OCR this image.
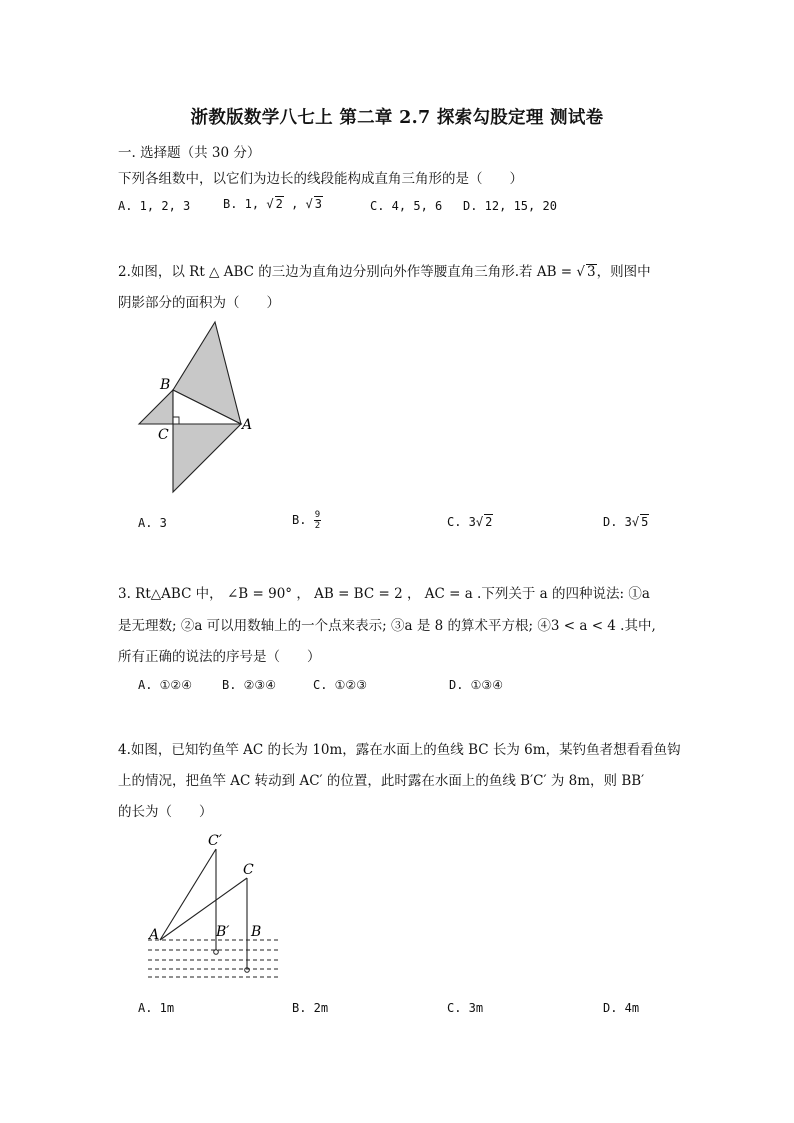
浙教版数学八七上 第二章 2.7 探索勾股定理 测试卷
一. 选择题（共 30 分）
下列各组数中，以它们为边长的线段能构成直角三角形的是（　　）
A. 1, 2, 3	B. 1, √ 2 , √ 3	C. 4, 5, 6 D. 12, 15, 20
2.如图，以 Rt △ ABC 的三边为直角边分别向外作等腰直角三角形.若 AB = √ 3，则图中
阴影部分的面积为（　　）
B
C
A
A. 3	B. $\frac{9}{2}$	C. 3√ 2	D. 3√ 5
3. Rt△ABC 中， ∠B = 90° ， AB = BC = 2 ， AC = a .下列关于 a 的四种说法: ①a
是无理数; ②a 可以用数轴上的一个点来表示; ③a 是 8 的算术平方根; ④3 < a < 4 .其中,
所有正确的说法的序号是（　　）
A. ①②④	B. ②③④	C. ①②③	D. ①③④
4.如图，已知钓鱼竿 AC 的长为 10m，露在水面上的鱼线 BC 长为 6m，某钓鱼者想看看鱼钩
上的情况，把鱼竿 AC 转动到 AC′ 的位置，此时露在水面上的鱼线 B′C′ 为 8m，则 BB′
的长为（　　）
C′
C
A	B′ B
A. 1m	B. 2m	C. 3m	D. 4m
